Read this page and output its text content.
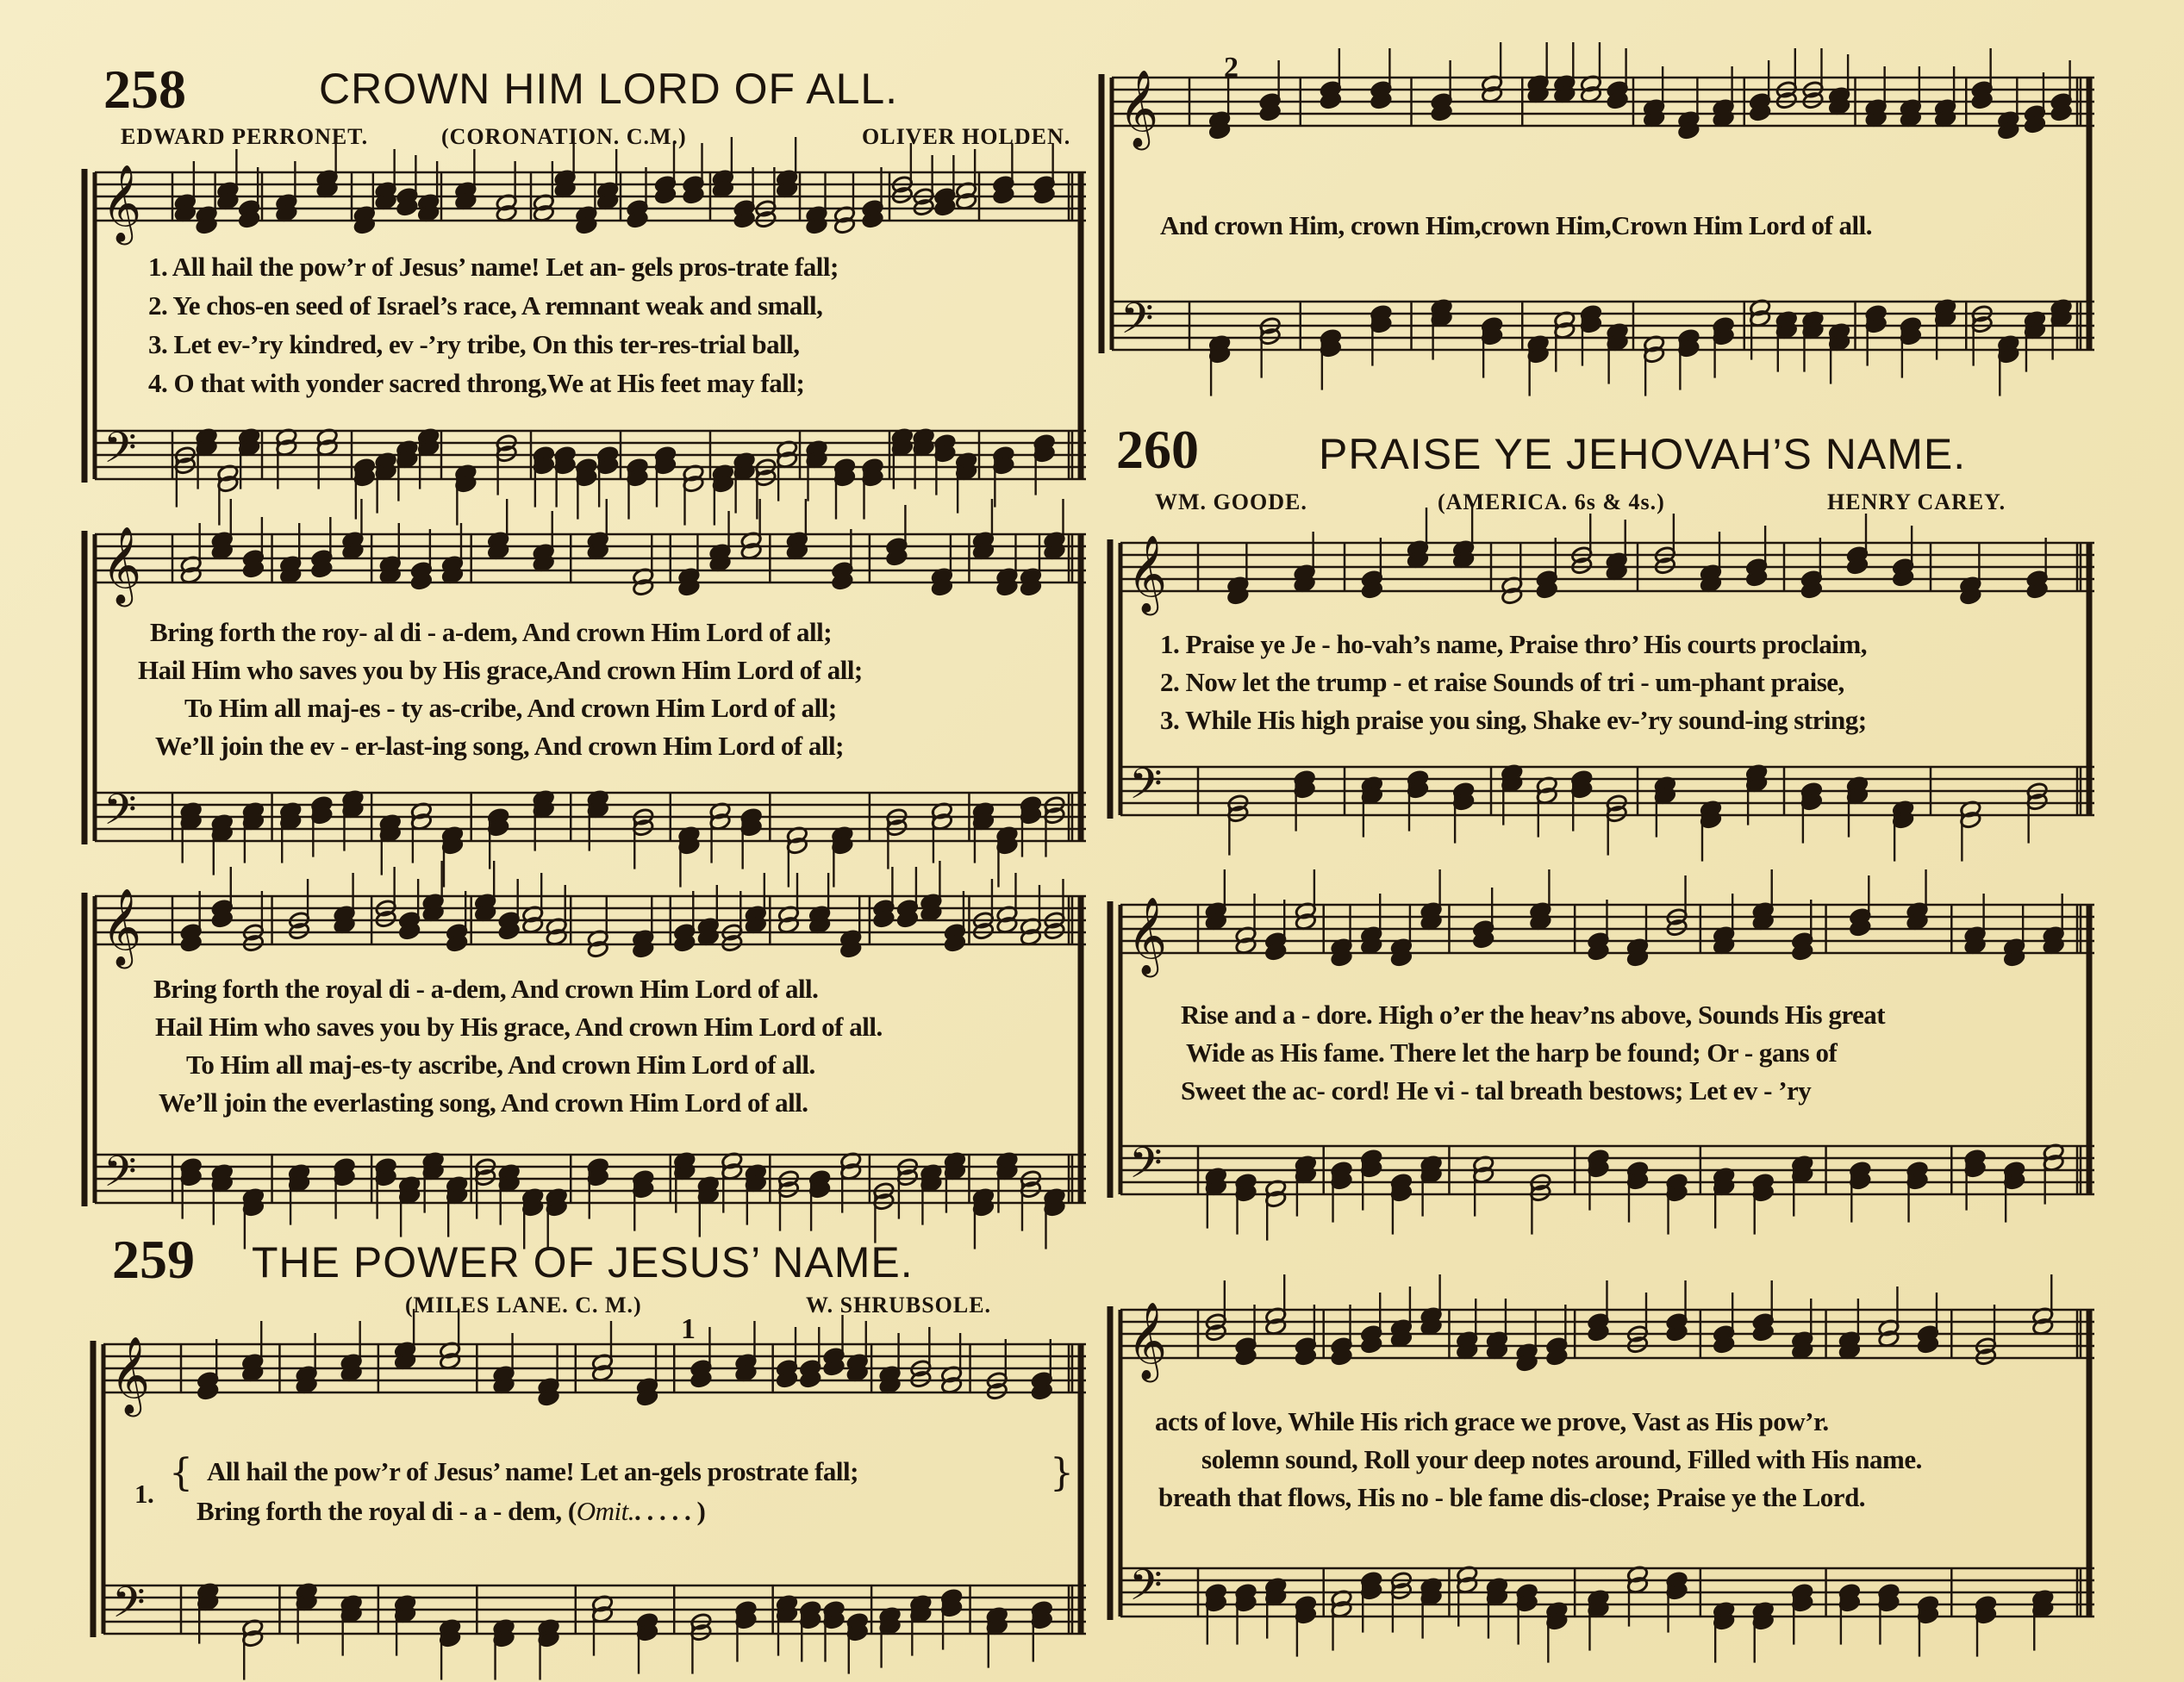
258	CROWN HIM LORD OF ALL.
EDWARD PERRONET.	(CORONATION. C.M.)	OLIVER HOLDEN.
𝄞
𝄢
1. All hail the pow’r of Jesus’ name! Let an- gels pros-trate fall;
2. Ye chos-en seed of Israel’s race, A remnant weak and small,
3. Let ev-’ry kindred, ev -’ry tribe, On this ter-res-trial ball,
4. O that with yonder sacred throng,We at His feet may fall;
𝄞
𝄢
Bring forth the roy- al di - a-dem, And crown Him Lord of all;
Hail Him who saves you by His grace,And crown Him Lord of all;
To Him all maj-es - ty as-cribe, And crown Him Lord of all;
We’ll join the ev - er-last-ing song, And crown Him Lord of all;
𝄞
𝄢
Bring forth the royal di - a-dem, And crown Him Lord of all.
Hail Him who saves you by His grace, And crown Him Lord of all.
To Him all maj-es-ty ascribe, And crown Him Lord of all.
We’ll join the everlasting song, And crown Him Lord of all.
259 THE POWER OF JESUS’ NAME.
(MILES LANE. C. M.)	W. SHRUBSOLE.
𝄞
𝄢
1
1. { All hail the pow’r of Jesus’ name! Let an-gels prostrate fall;
Bring forth the royal di - a - dem, (Omit.. . . . . )
}
𝄞
𝄢
2
And crown Him, crown Him,crown Him,Crown Him Lord of all.
260	PRAISE YE JEHOVAH’S NAME.
WM. GOODE.	(AMERICA. 6s & 4s.)	HENRY CAREY.
𝄞
𝄢
1. Praise ye Je - ho-vah’s name, Praise thro’ His courts proclaim,
2. Now let the trump - et raise Sounds of tri - um-phant praise,
3. While His high praise you sing, Shake ev-’ry sound-ing string;
𝄞
𝄢
Rise and a - dore. High o’er the heav’ns above, Sounds His great
Wide as His fame. There let the harp be found; Or - gans of
Sweet the ac- cord! He vi - tal breath bestows; Let ev - ’ry
𝄞
𝄢
acts of love, While His rich grace we prove, Vast as His pow’r.
solemn sound, Roll your deep notes around, Filled with His name.
breath that flows, His no - ble fame dis-close; Praise ye the Lord.
